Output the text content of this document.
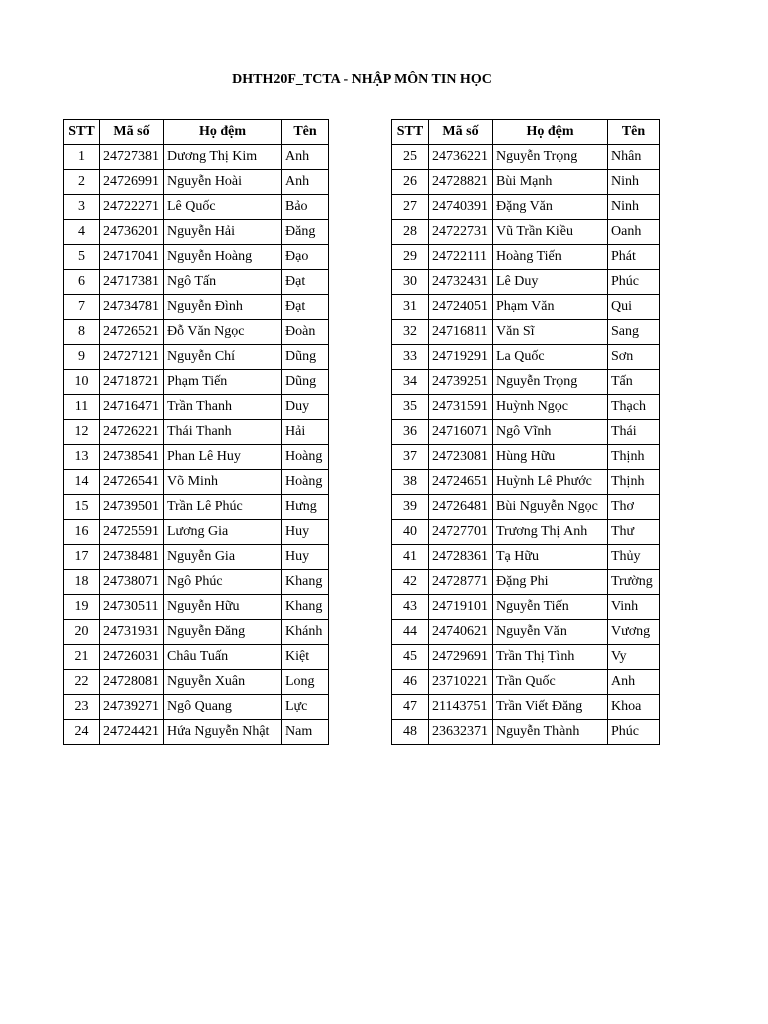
DHTH20F_TCTA - NHẬP MÔN TIN HỌC
STT	Mã số	Họ đệm	Tên
1	24727381	Dương Thị Kim	Anh
2	24726991	Nguyễn Hoài	Anh
3	24722271	Lê Quốc	Bảo
4	24736201	Nguyễn Hải	Đăng
5	24717041	Nguyễn Hoàng	Đạo
6	24717381	Ngô Tấn	Đạt
7	24734781	Nguyễn Đình	Đạt
8	24726521	Đỗ Văn Ngọc	Đoàn
9	24727121	Nguyễn Chí	Dũng
10	24718721	Phạm Tiến	Dũng
11	24716471	Trần Thanh	Duy
12	24726221	Thái Thanh	Hải
13	24738541	Phan Lê Huy	Hoàng
14	24726541	Võ Minh	Hoàng
15	24739501	Trần Lê Phúc	Hưng
16	24725591	Lương Gia	Huy
17	24738481	Nguyễn Gia	Huy
18	24738071	Ngô Phúc	Khang
19	24730511	Nguyễn Hữu	Khang
20	24731931	Nguyễn Đăng	Khánh
21	24726031	Châu Tuấn	Kiệt
22	24728081	Nguyễn Xuân	Long
23	24739271	Ngô Quang	Lực
24	24724421	Hứa Nguyễn Nhật	Nam
STT	Mã số	Họ đệm	Tên
25	24736221	Nguyễn Trọng	Nhân
26	24728821	Bùi Mạnh	Ninh
27	24740391	Đặng Văn	Ninh
28	24722731	Vũ Trần Kiều	Oanh
29	24722111	Hoàng Tiến	Phát
30	24732431	Lê Duy	Phúc
31	24724051	Phạm Văn	Qui
32	24716811	Văn Sĩ	Sang
33	24719291	La Quốc	Sơn
34	24739251	Nguyễn Trọng	Tấn
35	24731591	Huỳnh Ngọc	Thạch
36	24716071	Ngô Vĩnh	Thái
37	24723081	Hùng Hữu	Thịnh
38	24724651	Huỳnh Lê Phước	Thịnh
39	24726481	Bùi Nguyễn Ngọc	Thơ
40	24727701	Trương Thị Anh	Thư
41	24728361	Tạ Hữu	Thủy
42	24728771	Đặng Phi	Trường
43	24719101	Nguyễn Tiến	Vinh
44	24740621	Nguyễn Văn	Vương
45	24729691	Trần Thị Tình	Vy
46	23710221	Trần Quốc	Anh
47	21143751	Trần Viết Đăng	Khoa
48	23632371	Nguyễn Thành	Phúc
